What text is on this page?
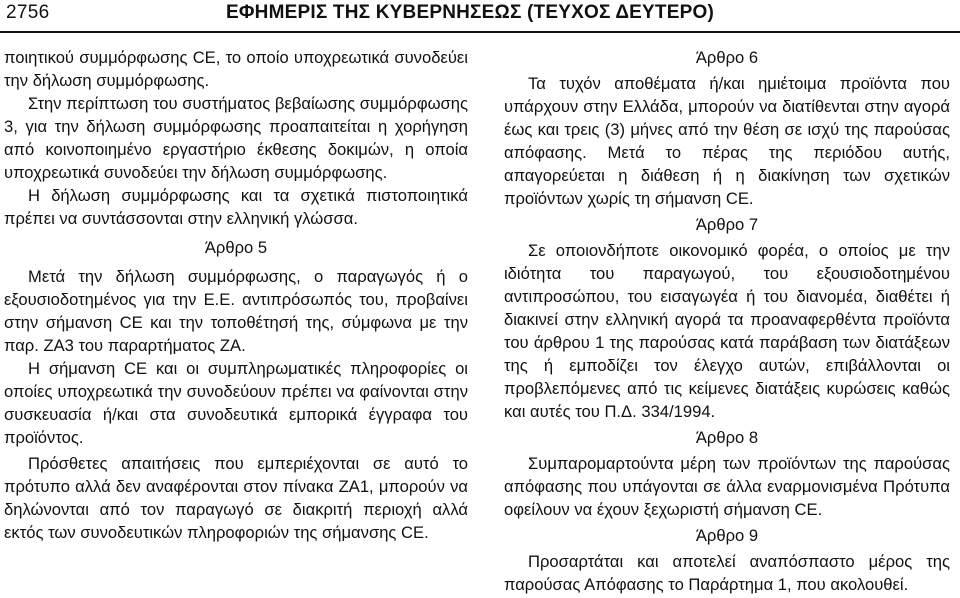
2756	ΕΦΗΜΕΡΙΣ ΤΗΣ ΚΥΒΕΡΝΗΣΕΩΣ (ΤΕΥΧΟΣ ΔΕΥΤΕΡΟ)

ποιητικού συμμόρφωσης CE, το οποίο υποχρεωτικά συνοδεύει την δήλωση συμμόρφωσης.

Στην περίπτωση του συστήματος βεβαίωσης συμμόρφωσης 3, για την δήλωση συμμόρφωσης προαπαιτείται η χορήγηση από κοινοποιημένο εργαστήριο έκθεσης δοκιμών, η οποία υποχρεωτικά συνοδεύει την δήλωση συμμόρφωσης.

Η δήλωση συμμόρφωσης και τα σχετικά πιστοποιητικά πρέπει να συντάσσονται στην ελληνική γλώσσα.

Άρθρο 5

Μετά την δήλωση συμμόρφωσης, ο παραγωγός ή ο εξουσιοδοτημένος για την Ε.Ε. αντιπρόσωπός του, προβαίνει στην σήμανση CE και την τοποθέτησή της, σύμφωνα με την παρ. ΖΑ3 του παραρτήματος ΖΑ.

Η σήμανση CE και οι συμπληρωματικές πληροφορίες οι οποίες υποχρεωτικά την συνοδεύουν πρέπει να φαίνονται στην συσκευασία ή/και στα συνοδευτικά εμπορικά έγγραφα του προϊόντος.

Πρόσθετες απαιτήσεις που εμπεριέχονται σε αυτό το πρότυπο αλλά δεν αναφέρονται στον πίνακα ΖΑ1, μπορούν να δηλώνονται από τον παραγωγό σε διακριτή περιοχή αλλά εκτός των συνοδευτικών πληροφοριών της σήμανσης CE.

Άρθρο 6

Τα τυχόν αποθέματα ή/και ημιέτοιμα προϊόντα που υπάρχουν στην Ελλάδα, μπορούν να διατίθενται στην αγορά έως και τρεις (3) μήνες από την θέση σε ισχύ της παρούσας απόφασης. Μετά το πέρας της περιόδου αυτής, απαγορεύεται η διάθεση ή η διακίνηση των σχετικών προϊόντων χωρίς τη σήμανση CE.

Άρθρο 7

Σε οποιονδήποτε οικονομικό φορέα, ο οποίος με την ιδιότητα του παραγωγού, του εξουσιοδοτημένου αντιπροσώπου, του εισαγωγέα ή του διανομέα, διαθέτει ή διακινεί στην ελληνική αγορά τα προαναφερθέντα προϊόντα του άρθρου 1 της παρούσας κατά παράβαση των διατάξεων της ή εμποδίζει τον έλεγχο αυτών, επιβάλλονται οι προβλεπόμενες από τις κείμενες διατάξεις κυρώσεις καθώς και αυτές του Π.Δ. 334/1994.

Άρθρο 8

Συμπαρομαρτούντα μέρη των προϊόντων της παρούσας απόφασης που υπάγονται σε άλλα εναρμονισμένα Πρότυπα οφείλουν να έχουν ξεχωριστή σήμανση CE.

Άρθρο 9

Προσαρτάται και αποτελεί αναπόσπαστο μέρος της παρούσας Απόφασης το Παράρτημα 1, που ακολουθεί.
